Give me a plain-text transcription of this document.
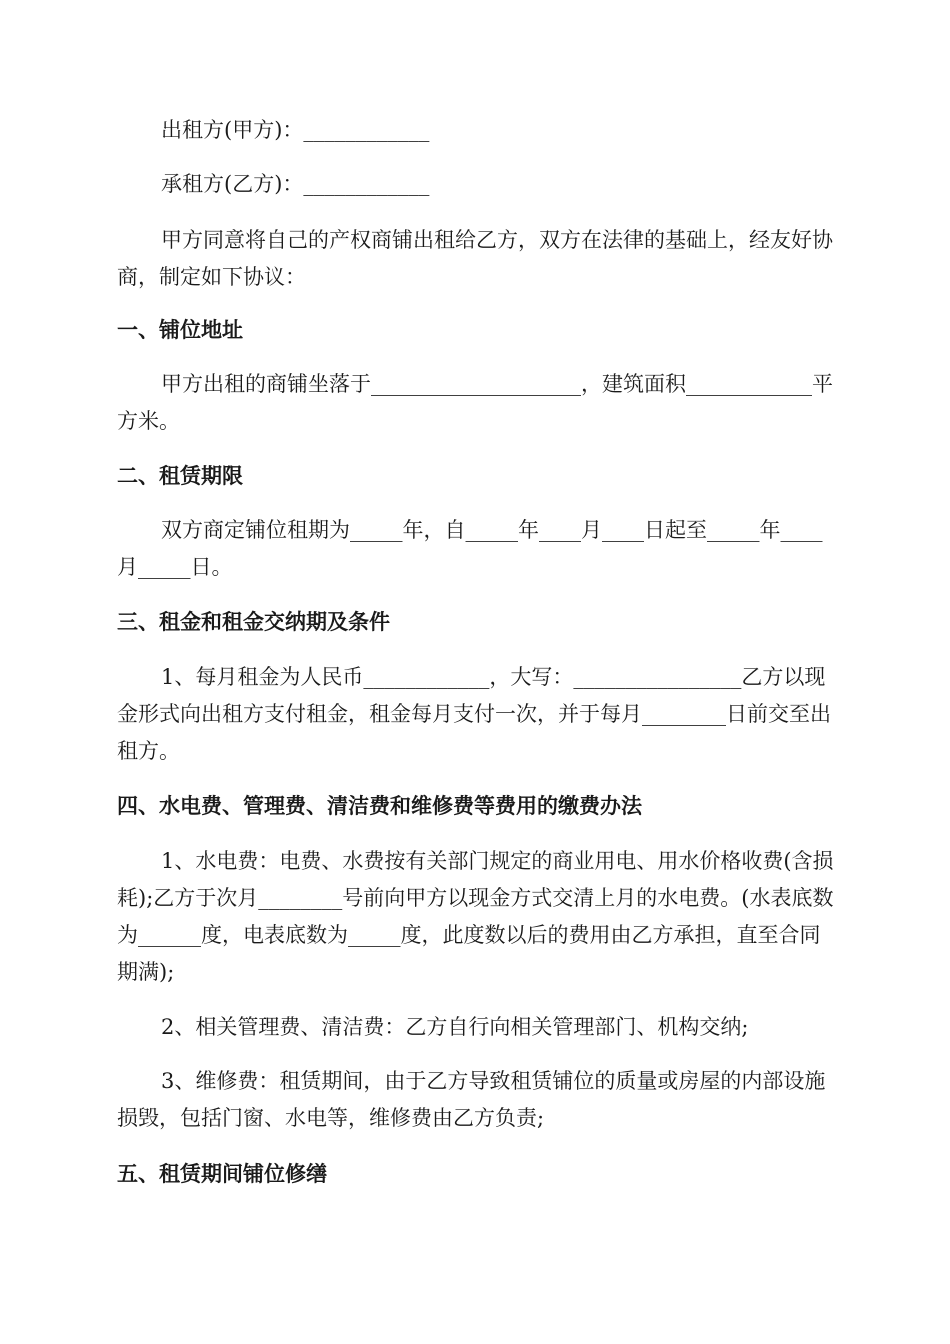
出租方(甲方)：____________

承租方(乙方)：____________

甲方同意将自己的产权商铺出租给乙方，双方在法律的基础上，经友好协商，制定如下协议：

一、铺位地址

甲方出租的商铺坐落于____________________，建筑面积____________平方米。

二、租赁期限

双方商定铺位租期为_____年，自_____年____月____日起至_____年____月_____日。

三、租金和租金交纳期及条件

1、每月租金为人民币____________，大写：________________乙方以现金形式向出租方支付租金，租金每月支付一次，并于每月________日前交至出租方。

四、水电费、管理费、清洁费和维修费等费用的缴费办法

1、水电费：电费、水费按有关部门规定的商业用电、用水价格收费(含损耗);乙方于次月________号前向甲方以现金方式交清上月的水电费。(水表底数为______度，电表底数为_____度，此度数以后的费用由乙方承担，直至合同期满);

2、相关管理费、清洁费：乙方自行向相关管理部门、机构交纳;

3、维修费：租赁期间，由于乙方导致租赁铺位的质量或房屋的内部设施损毁，包括门窗、水电等，维修费由乙方负责;

五、租赁期间铺位修缮
